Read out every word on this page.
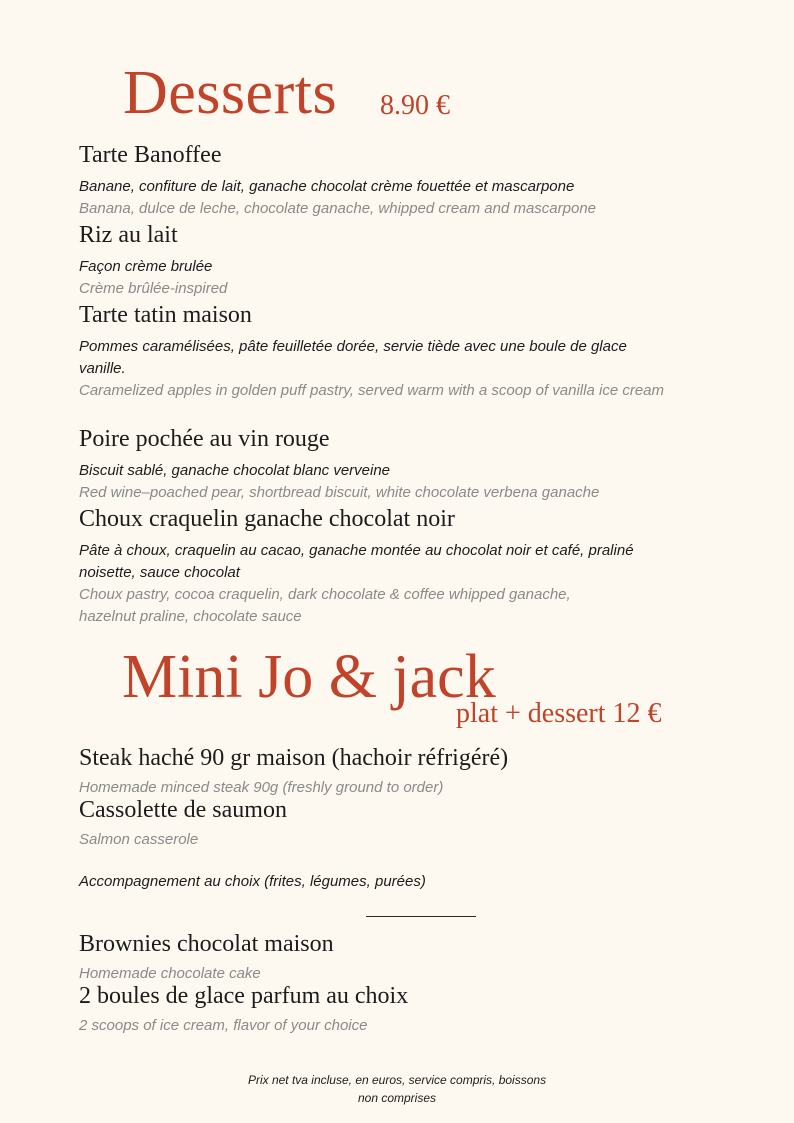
Desserts 8.90 €
Tarte Banoffee
Banane, confiture de lait, ganache chocolat crème fouettée et mascarpone
Banana, dulce de leche, chocolate ganache, whipped cream and mascarpone
Riz au lait
Façon crème brulée
Crème brûlée-inspired
Tarte tatin maison
Pommes caramélisées, pâte feuilletée dorée, servie tiède avec une boule de glace vanille.
Caramelized apples in golden puff pastry, served warm with a scoop of vanilla ice cream
Poire pochée au vin rouge
Biscuit sablé, ganache chocolat blanc verveine
Red wine–poached pear, shortbread biscuit, white chocolate verbena ganache
Choux craquelin ganache chocolat noir
Pâte à choux, craquelin au cacao, ganache montée au chocolat noir et café, praliné noisette, sauce chocolat
Choux pastry, cocoa craquelin, dark chocolate & coffee whipped ganache, hazelnut praline, chocolate sauce
Mini Jo & jack
plat + dessert 12 €
Steak haché 90 gr maison (hachoir réfrigéré)
Homemade minced steak 90g (freshly ground to order)
Cassolette de saumon
Salmon casserole
Accompagnement au choix (frites, légumes, purées)
Brownies chocolat maison
Homemade chocolate cake
2 boules de glace parfum au choix
2 scoops of ice cream, flavor of your choice
Prix net tva incluse, en euros, service compris, boissons non comprises
